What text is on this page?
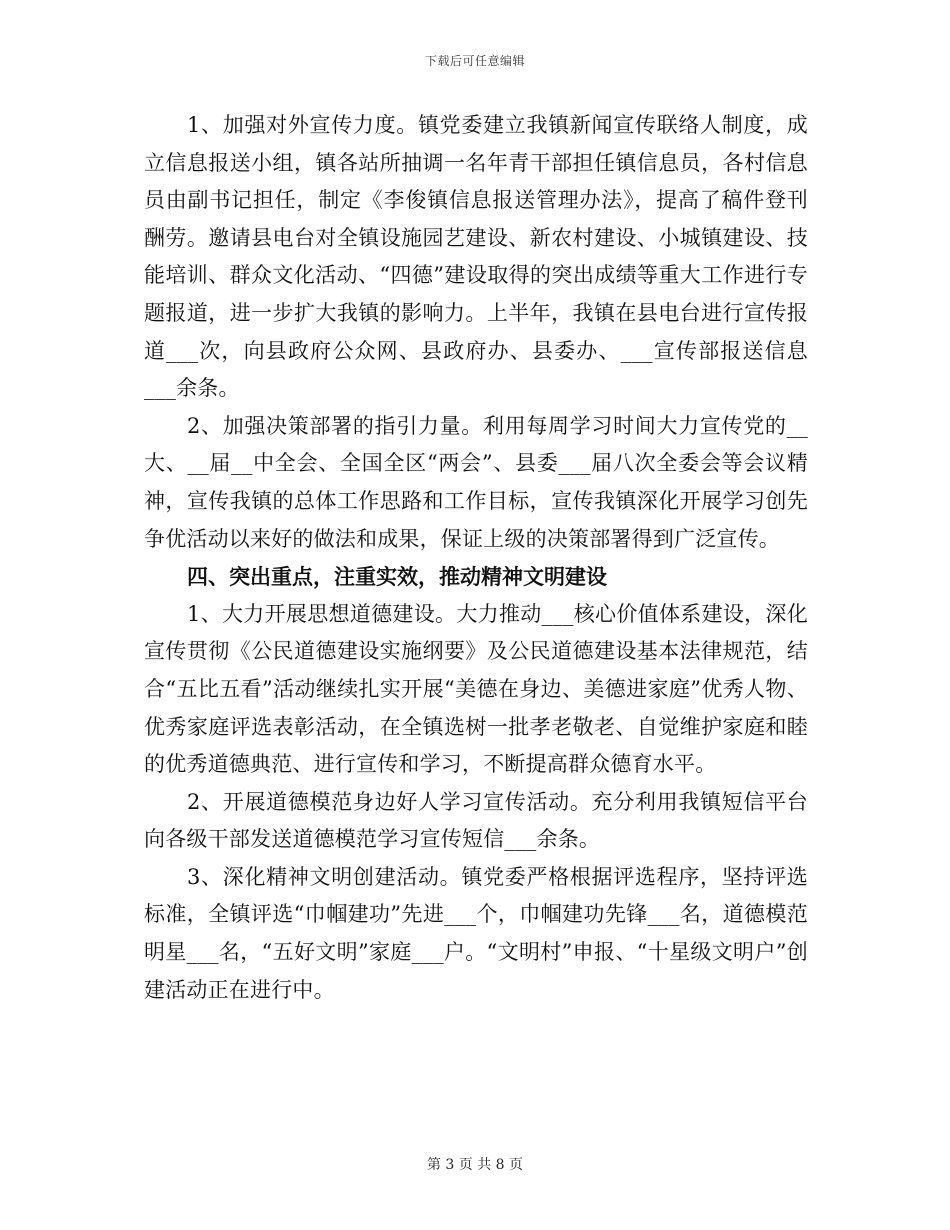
下载后可任意编辑

1、加强对外宣传力度。镇党委建立我镇新闻宣传联络人制度，成立信息报送小组，镇各站所抽调一名年青干部担任镇信息员，各村信息员由副书记担任，制定《李俊镇信息报送管理办法》，提高了稿件登刊酬劳。邀请县电台对全镇设施园艺建设、新农村建设、小城镇建设、技能培训、群众文化活动、“四德”建设取得的突出成绩等重大工作进行专题报道，进一步扩大我镇的影响力。上半年，我镇在县电台进行宣传报道___次，向县政府公众网、县政府办、县委办、___宣传部报送信息___余条。

2、加强决策部署的指引力量。利用每周学习时间大力宣传党的__大、__届__中全会、全国全区“两会”、县委___届八次全委会等会议精神，宣传我镇的总体工作思路和工作目标，宣传我镇深化开展学习创先争优活动以来好的做法和成果，保证上级的决策部署得到广泛宣传。

四、突出重点，注重实效，推动精神文明建设

1、大力开展思想道德建设。大力推动___核心价值体系建设，深化宣传贯彻《公民道德建设实施纲要》及公民道德建设基本法律规范，结合“五比五看”活动继续扎实开展“美德在身边、美德进家庭”优秀人物、优秀家庭评选表彰活动，在全镇选树一批孝老敬老、自觉维护家庭和睦的优秀道德典范、进行宣传和学习，不断提高群众德育水平。

2、开展道德模范身边好人学习宣传活动。充分利用我镇短信平台向各级干部发送道德模范学习宣传短信___余条。

3、深化精神文明创建活动。镇党委严格根据评选程序，坚持评选标准，全镇评选“巾帼建功”先进___个，巾帼建功先锋___名，道德模范明星___名，“五好文明”家庭___户。“文明村”申报、“十星级文明户”创建活动正在进行中。

第 3 页 共 8 页
